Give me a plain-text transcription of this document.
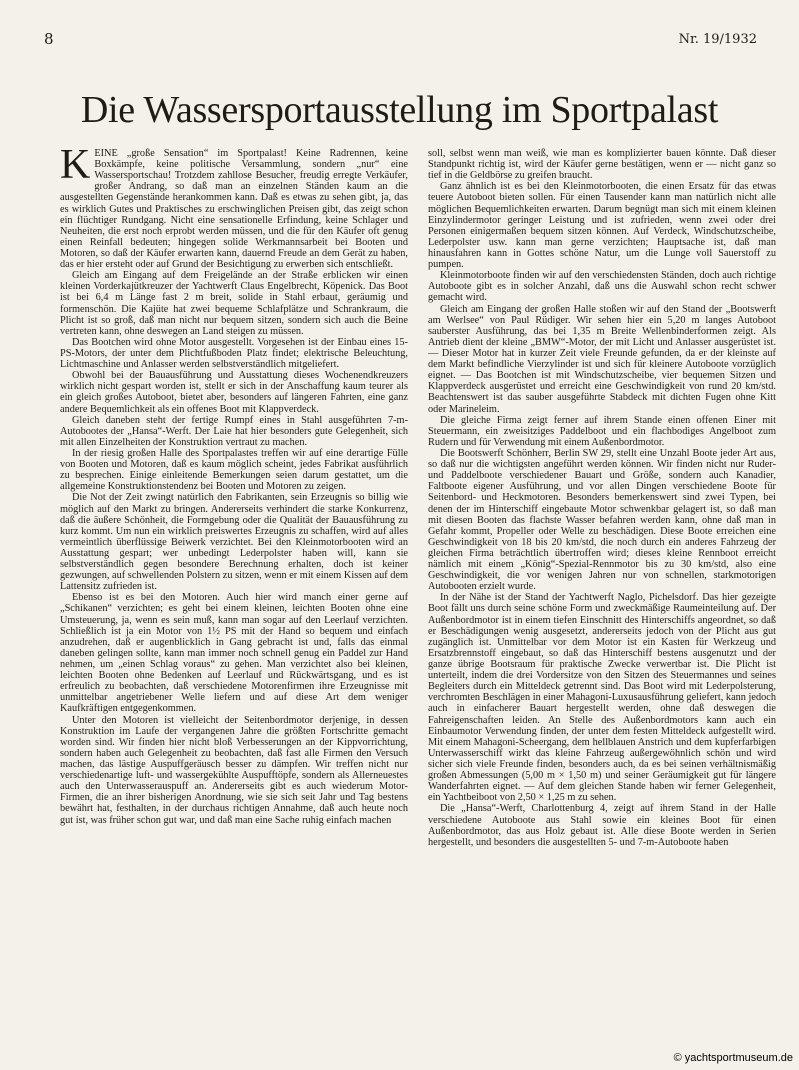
8	Nr. 19/1932
Die Wassersportausstellung im Sportpalast

KEINE „große Sensation“ im Sportpalast! Keine Radrennen, keine Boxkämpfe, keine politische Versammlung, sondern „nur“ eine Wassersportschau! Trotzdem zahllose Besucher, freudig erregte Verkäufer, großer Andrang, so daß man an einzelnen Ständen kaum an die ausgestellten Gegenstände herankommen kann. Daß es etwas zu sehen gibt, ja, das es wirklich Gutes und Praktisches zu erschwinglichen Preisen gibt, das zeigt schon ein flüchtiger Rundgang. Nicht eine sensationelle Erfindung, keine Schlager und Neuheiten, die erst noch erprobt werden müssen, und die für den Käufer oft genug einen Reinfall bedeuten; hingegen solide Werkmannsarbeit bei Booten und Motoren, so daß der Käufer erwarten kann, dauernd Freude an dem Gerät zu haben, das er hier ersteht oder auf Grund der Besichtigung zu erwerben sich entschließt.

Gleich am Eingang auf dem Freigelände an der Straße erblicken wir einen kleinen Vorderkajütkreuzer der Yachtwerft Claus Engelbrecht, Köpenick. Das Boot ist bei 6,4 m Länge fast 2 m breit, solide in Stahl erbaut, geräumig und formenschön. Die Kajüte hat zwei bequeme Schlafplätze und Schrankraum, die Plicht ist so groß, daß man nicht nur bequem sitzen, sondern sich auch die Beine vertreten kann, ohne deswegen an Land steigen zu müssen.

Das Bootchen wird ohne Motor ausgestellt. Vorgesehen ist der Einbau eines 15-PS-Motors, der unter dem Plichtfußboden Platz findet; elektrische Beleuchtung, Lichtmaschine und Anlasser werden selbstverständlich mitgeliefert.

Obwohl bei der Bauausführung und Ausstattung dieses Wochenendkreuzers wirklich nicht gespart worden ist, stellt er sich in der Anschaffung kaum teurer als ein gleich großes Autoboot, bietet aber, besonders auf längeren Fahrten, eine ganz andere Bequemlichkeit als ein offenes Boot mit Klappverdeck.

Gleich daneben steht der fertige Rumpf eines in Stahl ausgeführten 7-m-Autobootes der „Hansa“-Werft. Der Laie hat hier besonders gute Gelegenheit, sich mit allen Einzelheiten der Konstruktion vertraut zu machen.

In der riesig großen Halle des Sportpalastes treffen wir auf eine derartige Fülle von Booten und Motoren, daß es kaum möglich scheint, jedes Fabrikat ausführlich zu besprechen. Einige einleitende Bemerkungen seien darum gestattet, um die allgemeine Konstruktionstendenz bei Booten und Motoren zu zeigen.

Die Not der Zeit zwingt natürlich den Fabrikanten, sein Erzeugnis so billig wie möglich auf den Markt zu bringen. Andererseits verhindert die starke Konkurrenz, daß die äußere Schönheit, die Formgebung oder die Qualität der Bauausführung zu kurz kommt. Um nun ein wirklich preiswertes Erzeugnis zu schaffen, wird auf alles vermeintlich überflüssige Beiwerk verzichtet. Bei den Kleinmotorbooten wird an Ausstattung gespart; wer unbedingt Lederpolster haben will, kann sie selbstverständlich gegen besondere Berechnung erhalten, doch ist keiner gezwungen, auf schwellenden Polstern zu sitzen, wenn er mit einem Kissen auf dem Lattensitz zufrieden ist.

Ebenso ist es bei den Motoren. Auch hier wird manch einer gerne auf „Schikanen“ verzichten; es geht bei einem kleinen, leichten Booten ohne eine Umsteuerung, ja, wenn es sein muß, kann man sogar auf den Leerlauf verzichten. Schließlich ist ja ein Motor von 1½ PS mit der Hand so bequem und einfach anzudrehen, daß er augenblicklich in Gang gebracht ist und, falls das einmal daneben gelingen sollte, kann man immer noch schnell genug ein Paddel zur Hand nehmen, um „einen Schlag voraus“ zu gehen. Man verzichtet also bei kleinen, leichten Booten ohne Bedenken auf Leerlauf und Rückwärtsgang, und es ist erfreulich zu beobachten, daß verschiedene Motorenfirmen ihre Erzeugnisse mit unmittelbar angetriebener Welle liefern und auf diese Art dem weniger Kaufkräftigen entgegenkommen.

Unter den Motoren ist vielleicht der Seitenbordmotor derjenige, in dessen Konstruktion im Laufe der vergangenen Jahre die größten Fortschritte gemacht worden sind. Wir finden hier nicht bloß Verbesserungen an der Kippvorrichtung, sondern haben auch Gelegenheit zu beobachten, daß fast alle Firmen den Versuch machen, das lästige Auspuffgeräusch besser zu dämpfen. Wir treffen nicht nur verschiedenartige luft- und wassergekühlte Auspufftöpfe, sondern als Allerneuestes auch den Unterwasserauspuff an. Andererseits gibt es auch wiederum Motor-Firmen, die an ihrer bisherigen Anordnung, wie sie sich seit Jahr und Tag bestens bewährt hat, festhalten, in der durchaus richtigen Annahme, daß auch heute noch gut ist, was früher schon gut war, und daß man eine Sache ruhig einfach machen

soll, selbst wenn man weiß, wie man es komplizierter bauen könnte. Daß dieser Standpunkt richtig ist, wird der Käufer gerne bestätigen, wenn er — nicht ganz so tief in die Geldbörse zu greifen braucht.

Ganz ähnlich ist es bei den Kleinmotorbooten, die einen Ersatz für das etwas teuere Autoboot bieten sollen. Für einen Tausender kann man natürlich nicht alle möglichen Bequemlichkeiten erwarten. Darum begnügt man sich mit einem kleinen Einzylindermotor geringer Leistung und ist zufrieden, wenn zwei oder drei Personen einigermaßen bequem sitzen können. Auf Verdeck, Windschutzscheibe, Lederpolster usw. kann man gerne verzichten; Hauptsache ist, daß man hinausfahren kann in Gottes schöne Natur, um die Lunge voll Sauerstoff zu pumpen.

Kleinmotorboote finden wir auf den verschiedensten Ständen, doch auch richtige Autoboote gibt es in solcher Anzahl, daß uns die Auswahl schon recht schwer gemacht wird.

Gleich am Eingang der großen Halle stoßen wir auf den Stand der „Bootswerft am Werlsee“ von Paul Rüdiger. Wir sehen hier ein 5,20 m langes Autoboot sauberster Ausführung, das bei 1,35 m Breite Wellenbinderformen zeigt. Als Antrieb dient der kleine „BMW“-Motor, der mit Licht und Anlasser ausgerüstet ist. — Dieser Motor hat in kurzer Zeit viele Freunde gefunden, da er der kleinste auf dem Markt befindliche Vierzylinder ist und sich für kleinere Autoboote vorzüglich eignet. — Das Bootchen ist mit Windschutzscheibe, vier bequemen Sitzen und Klappverdeck ausgerüstet und erreicht eine Geschwindigkeit von rund 20 km/std. Beachtenswert ist das sauber ausgeführte Stabdeck mit dichten Fugen ohne Kitt oder Marineleim.

Die gleiche Firma zeigt ferner auf ihrem Stande einen offenen Einer mit Steuermann, ein zweisitziges Paddelboot und ein flachbodiges Angelboot zum Rudern und für Verwendung mit einem Außenbordmotor.

Die Bootswerft Schönherr, Berlin SW 29, stellt eine Unzahl Boote jeder Art aus, so daß nur die wichtigsten angeführt werden können. Wir finden nicht nur Ruder- und Paddelboote verschiedener Bauart und Größe, sondern auch Kanadier, Faltboote eigener Ausführung, und vor allen Dingen verschiedene Boote für Seitenbord- und Heckmotoren. Besonders bemerkenswert sind zwei Typen, bei denen der im Hinterschiff eingebaute Motor schwenkbar gelagert ist, so daß man mit diesen Booten das flachste Wasser befahren werden kann, ohne daß man in Gefahr kommt, Propeller oder Welle zu beschädigen. Diese Boote erreichen eine Geschwindigkeit von 18 bis 20 km/std, die noch durch ein anderes Fahrzeug der gleichen Firma beträchtlich übertroffen wird; dieses kleine Rennboot erreicht nämlich mit einem „König“-Spezial-Rennmotor bis zu 30 km/std, also eine Geschwindigkeit, die vor wenigen Jahren nur von schnellen, starkmotorigen Autobooten erzielt wurde.

In der Nähe ist der Stand der Yachtwerft Naglo, Pichelsdorf. Das hier gezeigte Boot fällt uns durch seine schöne Form und zweckmäßige Raumeinteilung auf. Der Außenbordmotor ist in einem tiefen Einschnitt des Hinterschiffs angeordnet, so daß er Beschädigungen wenig ausgesetzt, andererseits jedoch von der Plicht aus gut zugänglich ist. Unmittelbar vor dem Motor ist ein Kasten für Werkzeug und Ersatzbrennstoff eingebaut, so daß das Hinterschiff bestens ausgenutzt und der ganze übrige Bootsraum für praktische Zwecke verwertbar ist. Die Plicht ist unterteilt, indem die drei Vordersitze von den Sitzen des Steuermannes und seines Begleiters durch ein Mitteldeck getrennt sind. Das Boot wird mit Lederpolsterung, verchromten Beschlägen in einer Mahagoni-Luxusausführung geliefert, kann jedoch auch in einfacherer Bauart hergestellt werden, ohne daß deswegen die Fahreigenschaften leiden. An Stelle des Außenbordmotors kann auch ein Einbaumotor Verwendung finden, der unter dem festen Mitteldeck aufgestellt wird. Mit einem Mahagoni-Scheergang, dem hellblauen Anstrich und dem kupferfarbigen Unterwasserschiff wirkt das kleine Fahrzeug außergewöhnlich schön und wird sicher sich viele Freunde finden, besonders auch, da es bei seinen verhältnismäßig großen Abmessungen (5,00 m × 1,50 m) und seiner Geräumigkeit gut für längere Wanderfahrten eignet. — Auf dem gleichen Stande haben wir ferner Gelegenheit, ein Yachtbeiboot von 2,50 × 1,25 m zu sehen.

Die „Hansa“-Werft, Charlottenburg 4, zeigt auf ihrem Stand in der Halle verschiedene Autoboote aus Stahl sowie ein kleines Boot für einen Außenbordmotor, das aus Holz gebaut ist. Alle diese Boote werden in Serien hergestellt, und besonders die ausgestellten 5- und 7-m-Autoboote haben

© yachtsportmuseum.de
